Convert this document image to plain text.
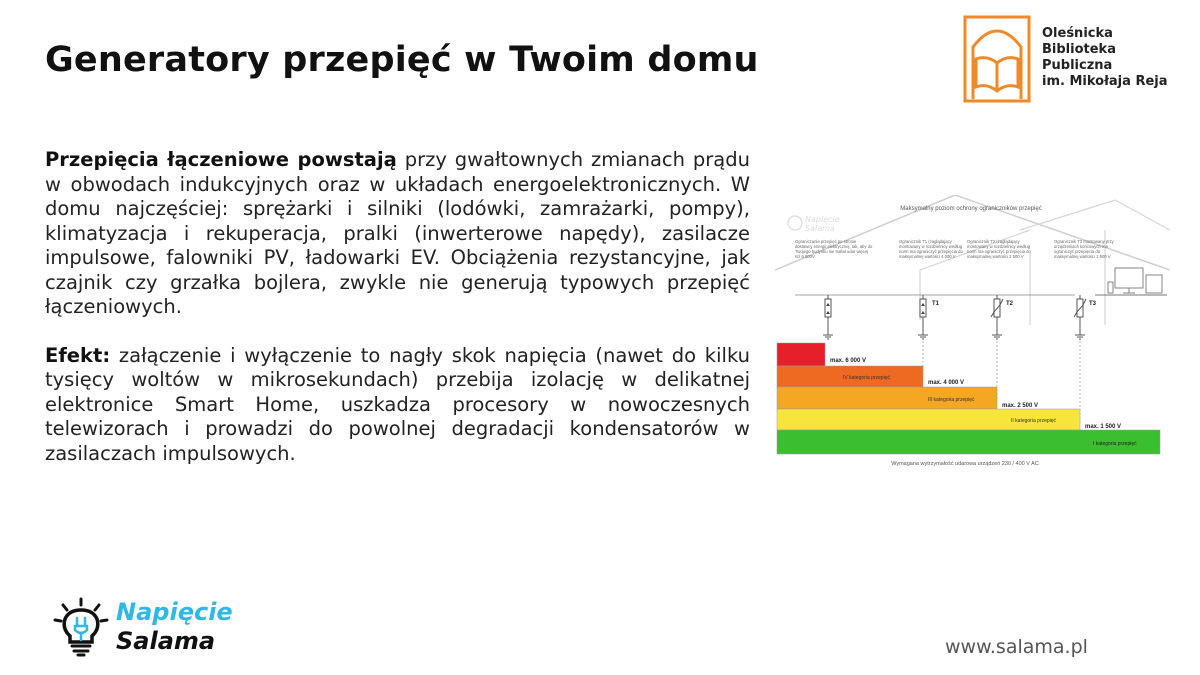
Generatory przepięć w Twoim domu
Oleśnicka
Biblioteka
Publiczna
im. Mikołaja Reja

Przepięcia łączeniowe powstają przy gwałtownych zmianach prądu w obwodach indukcyjnych oraz w układach energoelektronicznych. W domu najczęściej: sprężarki i silniki (lodówki, zamrażarki, pompy), klimatyzacja i rekuperacja, pralki (inwerterowe napędy), zasilacze impulsowe, falowniki PV, ładowarki EV. Obciążenia rezystancyjne, jak czajnik czy grzałka bojlera, zwykle nie generują typowych przepięć łączeniowych.

Efekt: załączenie i wyłączenie to nagły skok napięcia (nawet do kilku tysięcy woltów w mikrosekundach) przebija izolację w delikatnej elektronice Smart Home, uszkadza procesory w nowoczesnych telewizorach i prowadzi do powolnej degradacji kondensatorów w zasilaczach impulsowych.

Maksymalny poziom ochrony ograniczników przepięć
Napięcie
Salama
Ograniczanie przepięć po stronie dostawcy energii elektrycznej, tak, aby do Twojego budynku nie trafiał udar więcej niż 6 000V
Ogranicznik T1 (zaglądający montowany w rozdzielnicy według norm ma ograniczyć przepięcia do maksymalnej wartości 4 000 V
Ogranicznik T2 (zaglądający montowany w rozdzielnicy według norm ma ograniczyć przepięcia do maksymalnej wartości 2 500 V
Ogranicznik T3 montowany przy urządzeniach końcowych ma ograniczyć przepięcia do maksymalnej wartości 1 500 V
T1	T2	T3
max. 6 000 V
max. 4 000 V
max. 2 500 V
max. 1 500 V
IV kategoria przepięć
III kategoria przepięć
II kategoria przepięć
I kategoria przepięć
Wymagana wytrzymałość udarowa urządzeń 230 / 400 V AC
Napięcie
Salama	www.salama.pl
